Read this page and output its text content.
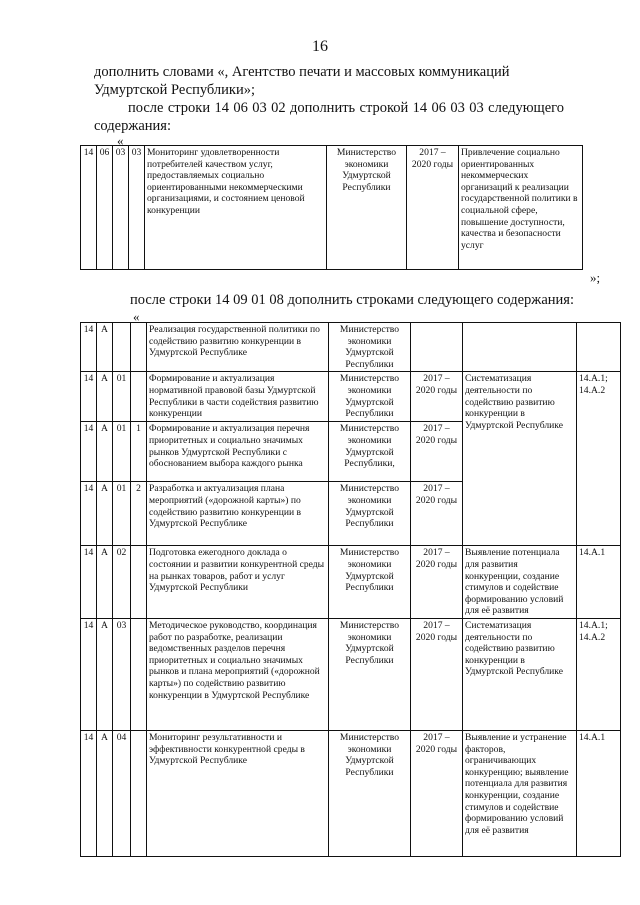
16
дополнить словами «, Агентство печати и массовых коммуникаций Удмуртской Республики»;
после строки 14 06 03 02 дополнить строкой 14 06 03 03 следующего
содержания:
«
14	06	03	03	Мониторинг удовлетворенности потребителей качеством услуг, предоставляемых социально ориентированными некоммерческими организациями, и состоянием ценовой конкуренции	Министерство экономики Удмуртской Республики	2017 – 2020 годы	Привлечение социально ориентированных некоммерческих организаций к реализации государственной политики в социальной сфере, повышение доступности, качества и безопасности услуг
»;
после строки 14 09 01 08 дополнить строками следующего содержания:
«
14	А			Реализация государственной политики по содействию развитию конкуренции в Удмуртской Республике	Министерство экономики Удмуртской Республики			
14	А	01		Формирование и актуализация нормативной правовой базы Удмуртской Республики в части содействия развитию конкуренции	Министерство экономики Удмуртской Республики	2017 – 2020 годы	Систематизация деятельности по содействию развитию конкуренции в Удмуртской Республике	14.А.1; 14.А.2
14	А	01	1	Формирование и актуализация перечня приоритетных и социально значимых рынков Удмуртской Республики с обоснованием выбора каждого рынка	Министерство экономики Удмуртской Республики,	2017 – 2020 годы		
14	А	01	2	Разработка и актуализация плана мероприятий («дорожной карты») по содействию развитию конкуренции в Удмуртской Республике	Министерство экономики Удмуртской Республики	2017 – 2020 годы		
14	А	02		Подготовка ежегодного доклада о состоянии и развитии конкурентной среды на рынках товаров, работ и услуг Удмуртской Республики	Министерство экономики Удмуртской Республики	2017 – 2020 годы	Выявление потенциала для развития конкуренции, создание стимулов и содействие формированию условий для её развития	14.А.1
14	А	03		Методическое руководство, координация работ по разработке, реализации ведомственных разделов перечня приоритетных и социально значимых рынков и плана мероприятий («дорожной карты») по содействию развитию конкуренции в Удмуртской Республике	Министерство экономики Удмуртской Республики	2017 – 2020 годы	Систематизация деятельности по содействию развитию конкуренции в Удмуртской Республике	14.А.1; 14.А.2
14	А	04		Мониторинг результативности и эффективности конкурентной среды в Удмуртской Республике	Министерство экономики Удмуртской Республики	2017 – 2020 годы	Выявление и устранение факторов, ограничивающих конкуренцию; выявление потенциала для развития конкуренции, создание стимулов и содействие формированию условий для её развития	14.А.1
